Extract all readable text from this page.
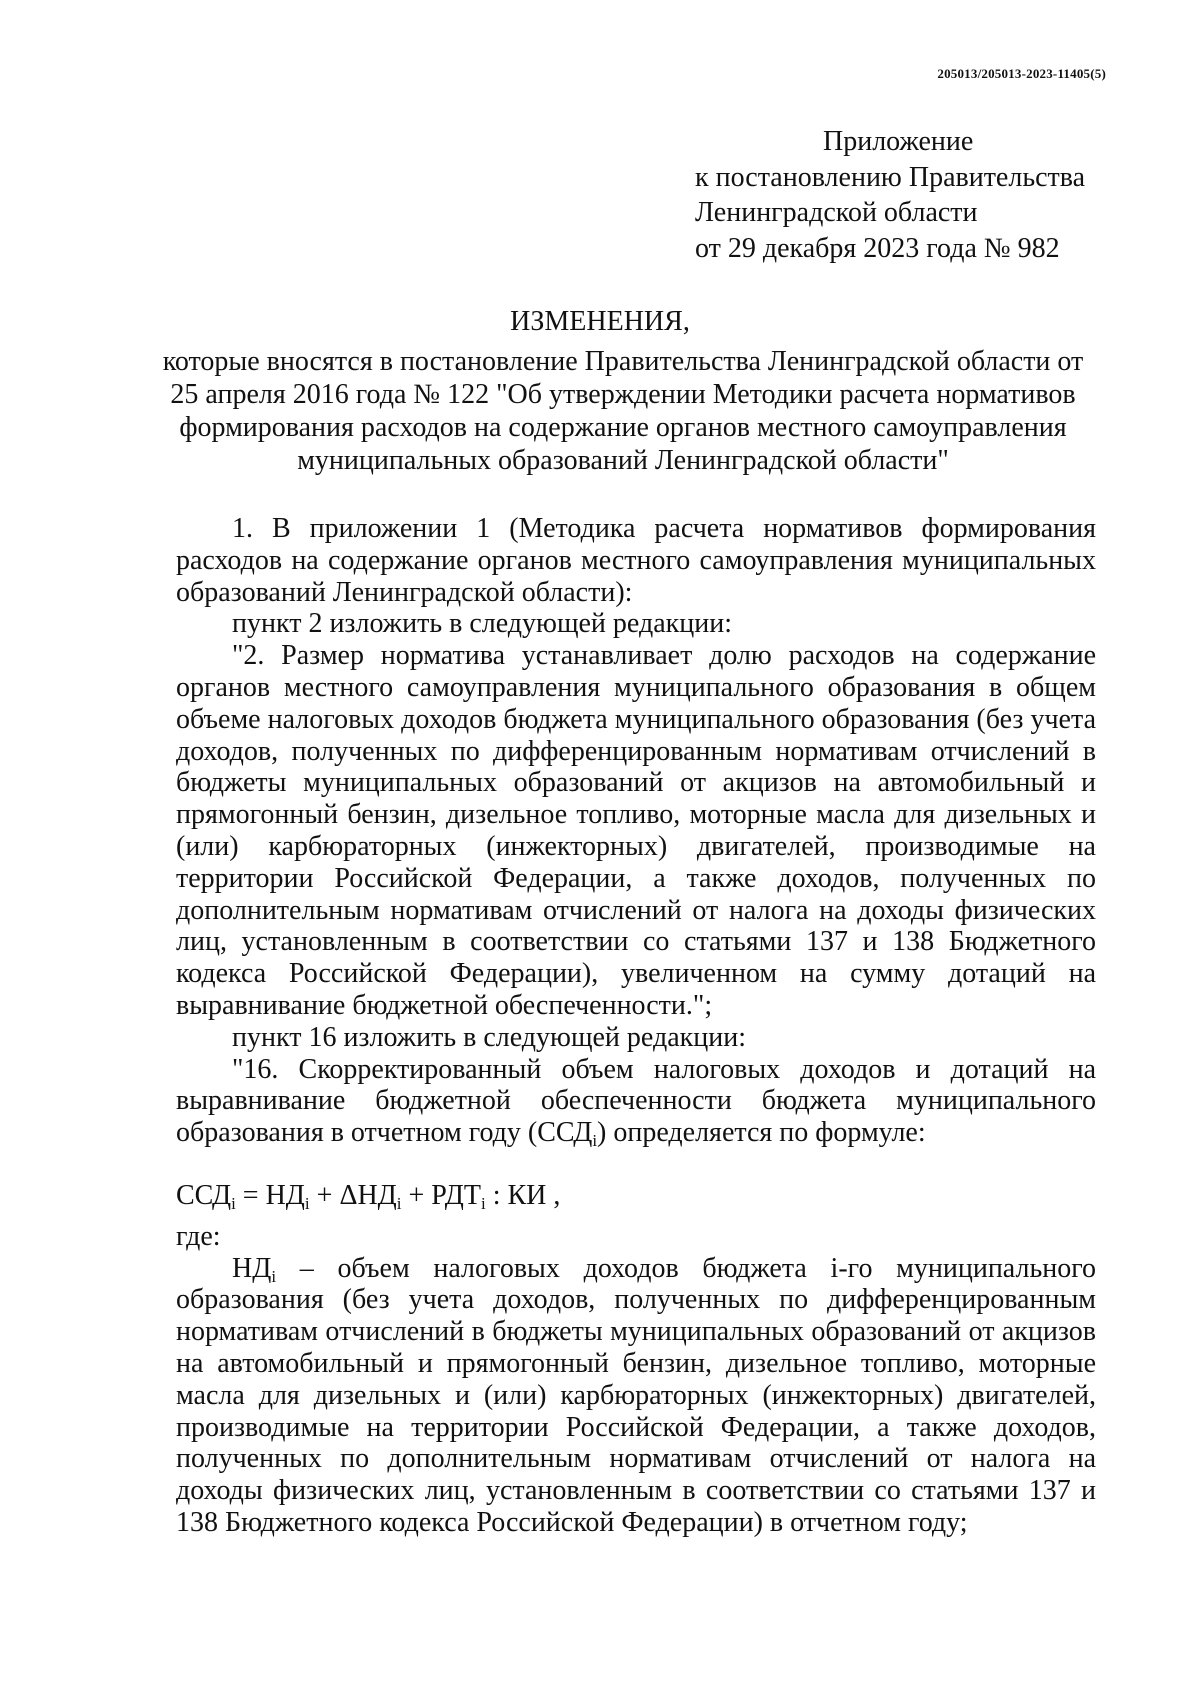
205013/205013-2023-11405(5)
Приложение
к постановлению Правительства
Ленинградской области
от 29 декабря 2023 года № 982
ИЗМЕНЕНИЯ,
которые вносятся в постановление Правительства Ленинградской области от 25 апреля 2016 года № 122 "Об утверждении Методики расчета нормативов формирования расходов на содержание органов местного самоуправления муниципальных образований Ленинградской области"

1. В приложении 1 (Методика расчета нормативов формирования расходов на содержание органов местного самоуправления муниципальных образований Ленинградской области):

пункт 2 изложить в следующей редакции:

"2. Размер норматива устанавливает долю расходов на содержание органов местного самоуправления муниципального образования в общем объеме налоговых доходов бюджета муниципального образования (без учета доходов, полученных по дифференцированным нормативам отчислений в бюджеты муниципальных образований от акцизов на автомобильный и прямогонный бензин, дизельное топливо, моторные масла для дизельных и (или) карбюраторных (инжекторных) двигателей, производимые на территории Российской Федерации, а также доходов, полученных по дополнительным нормативам отчислений от налога на доходы физических лиц, установленным в соответствии со статьями 137 и 138 Бюджетного кодекса Российской Федерации), увеличенном на сумму дотаций на выравнивание бюджетной обеспеченности.";

пункт 16 изложить в следующей редакции:

"16. Скорректированный объем налоговых доходов и дотаций на выравнивание бюджетной обеспеченности бюджета муниципального образования в отчетном году $(ССД_i)$ определяется по формуле:

$ССД_i = НД_i + \Delta НД_i + РДТ_i$ : КИ ,

где:

$НД_i$ – объем налоговых доходов бюджета i-го муниципального образования (без учета доходов, полученных по дифференцированным нормативам отчислений в бюджеты муниципальных образований от акцизов на автомобильный и прямогонный бензин, дизельное топливо, моторные масла для дизельных и (или) карбюраторных (инжекторных) двигателей, производимые на территории Российской Федерации, а также доходов, полученных по дополнительным нормативам отчислений от налога на доходы физических лиц, установленным в соответствии со статьями 137 и 138 Бюджетного кодекса Российской Федерации) в отчетном году;
